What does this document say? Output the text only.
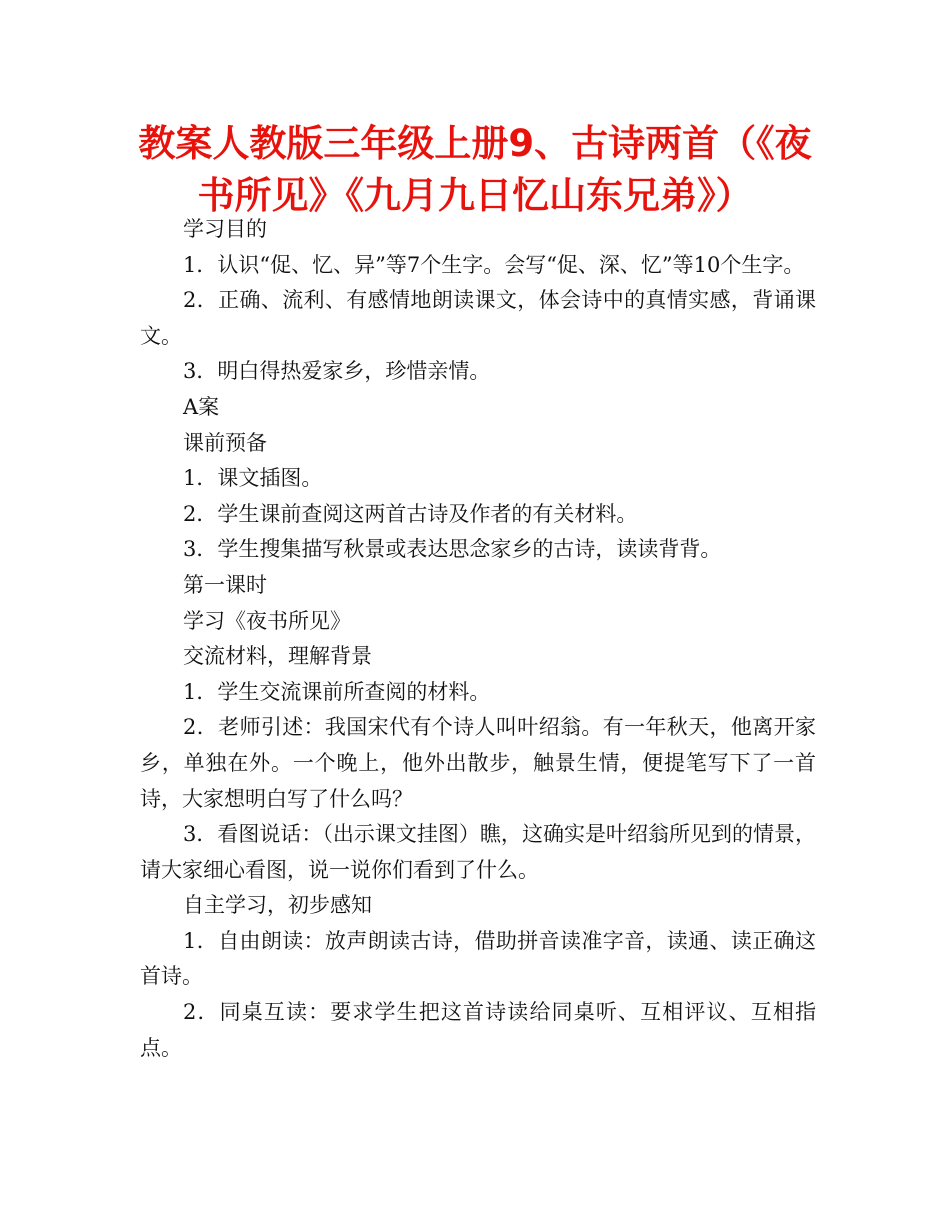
教案人教版三年级上册9、古诗两首（《夜书所见》《九月九日忆山东兄弟》）

学习目的

1．认识“促、忆、异”等7个生字。会写“促、深、忆”等10个生字。

2．正确、流利、有感情地朗读课文，体会诗中的真情实感，背诵课文。

3．明白得热爱家乡，珍惜亲情。

A案

课前预备

1．课文插图。

2．学生课前查阅这两首古诗及作者的有关材料。

3．学生搜集描写秋景或表达思念家乡的古诗，读读背背。

第一课时

学习《夜书所见》

交流材料，理解背景

1．学生交流课前所查阅的材料。

2．老师引述：我国宋代有个诗人叫叶绍翁。有一年秋天，他离开家乡，单独在外。一个晚上，他外出散步，触景生情，便提笔写下了一首诗，大家想明白写了什么吗？

3．看图说话：（出示课文挂图）瞧，这确实是叶绍翁所见到的情景，请大家细心看图，说一说你们看到了什么。

自主学习，初步感知

1．自由朗读：放声朗读古诗，借助拼音读准字音，读通、读正确这首诗。

2．同桌互读：要求学生把这首诗读给同桌听、互相评议、互相指点。
